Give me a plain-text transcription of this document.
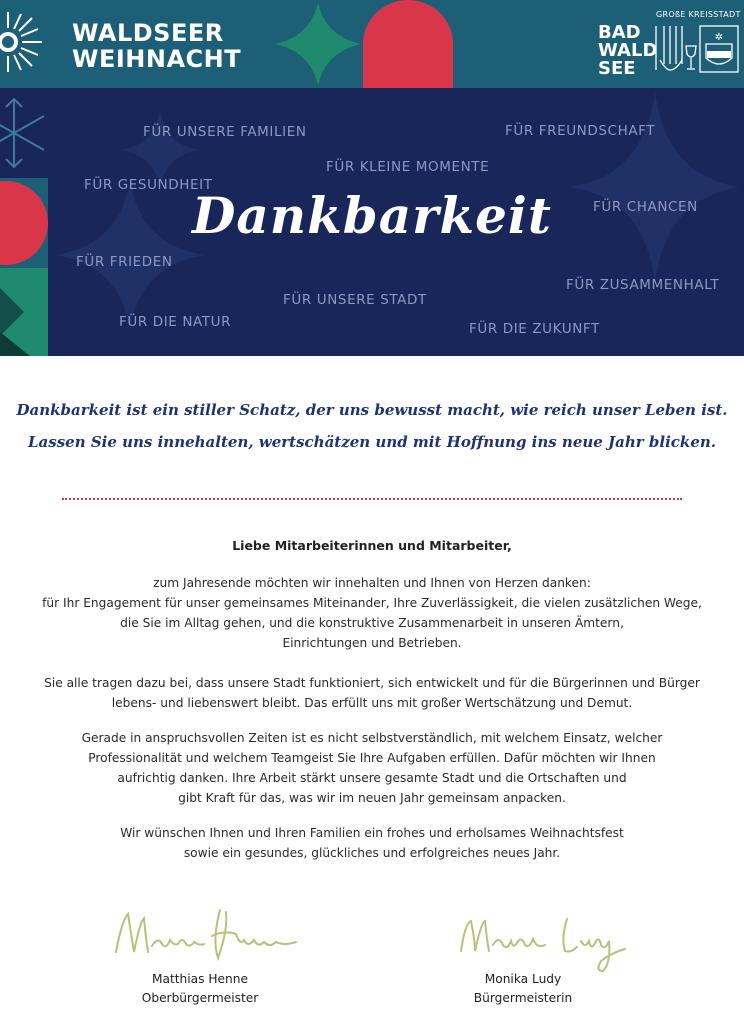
WALDSEER
WEIHNACHT
GROßE KREISSTADT
BAD
WALD
SEE
✲
FÜR UNSERE FAMILIEN	FÜR FREUNDSCHAFT
FÜR KLEINE MOMENTE
FÜR GESUNDHEIT
FÜR CHANCEN
FÜR FRIEDEN
FÜR ZUSAMMENHALT
FÜR UNSERE STADT
FÜR DIE NATUR	FÜR DIE ZUKUNFT
Dankbarkeit
Dankbarkeit ist ein stiller Schatz, der uns bewusst macht, wie reich unser Leben ist.
Lassen Sie uns innehalten, wertschätzen und mit Hoffnung ins neue Jahr blicken.
Liebe Mitarbeiterinnen und Mitarbeiter,
zum Jahresende möchten wir innehalten und Ihnen von Herzen danken:
für Ihr Engagement für unser gemeinsames Miteinander, Ihre Zuverlässigkeit, die vielen zusätzlichen Wege,
die Sie im Alltag gehen, und die konstruktive Zusammenarbeit in unseren Ämtern,
Einrichtungen und Betrieben.
Sie alle tragen dazu bei, dass unsere Stadt funktioniert, sich entwickelt und für die Bürgerinnen und Bürger
lebens- und liebenswert bleibt. Das erfüllt uns mit großer Wertschätzung und Demut.
Gerade in anspruchsvollen Zeiten ist es nicht selbstverständlich, mit welchem Einsatz, welcher
Professionalität und welchem Teamgeist Sie Ihre Aufgaben erfüllen. Dafür möchten wir Ihnen
aufrichtig danken. Ihre Arbeit stärkt unsere gesamte Stadt und die Ortschaften und
gibt Kraft für das, was wir im neuen Jahr gemeinsam anpacken.
Wir wünschen Ihnen und Ihren Familien ein frohes und erholsames Weihnachtsfest
sowie ein gesundes, glückliches und erfolgreiches neues Jahr.
Matthias Henne
Oberbürgermeister
Monika Ludy
Bürgermeisterin
